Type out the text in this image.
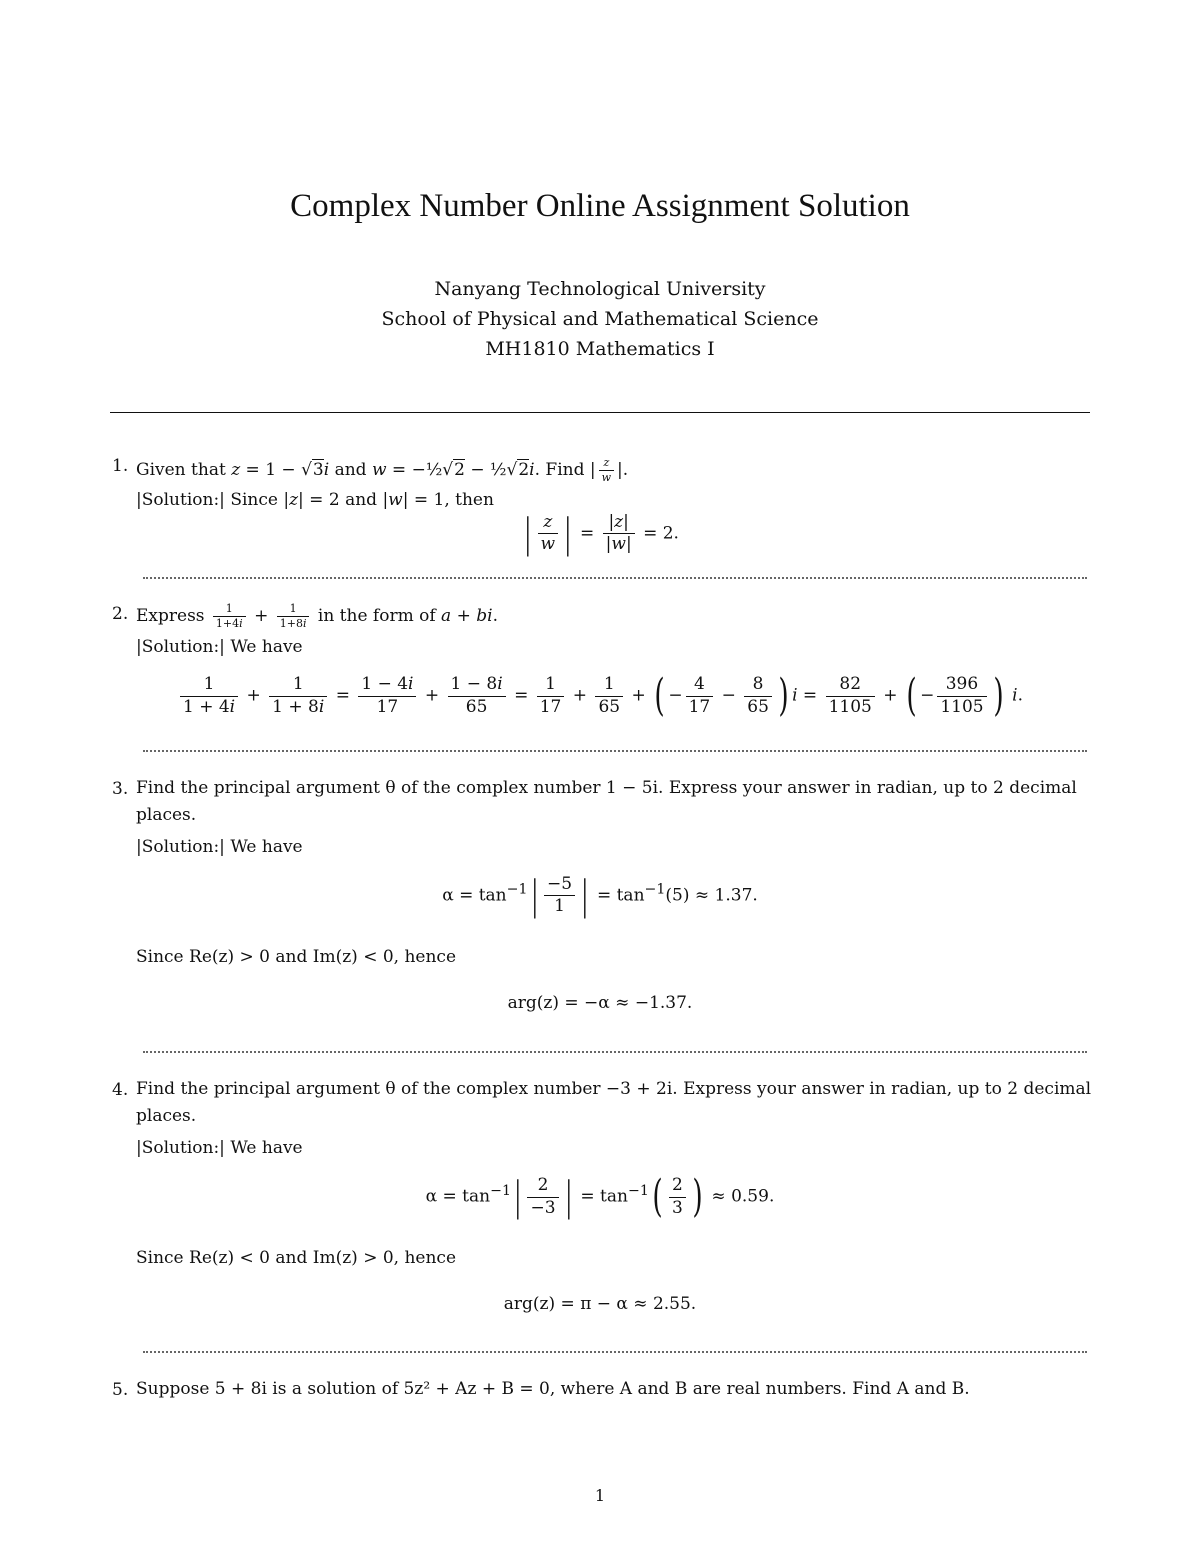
Complex Number Online Assignment Solution
Nanyang Technological University
School of Physical and Mathematical Science
MH1810 Mathematics I
1. Given that z = 1 − √3i and w = −½√2 − ½√2i. Find | $\frac{z}{w}$ |.
|Solution:| Since |z| = 2 and |w| = 1, then
| $\frac{z}{w}$ | = $\frac{|z|}{|w|} = 2$.
2. Express $\frac{1}{1+4i} + \frac{1}{1+8i}$ in the form of a + bi.
|Solution:| We have
$\frac{1}{1 + 4i} + \frac{1}{1 + 8i} = \frac{1 - 4i}{17} + \frac{1 - 8i}{65} = \frac{1}{17} + \frac{1}{65}$ + ( − $\frac{4}{17} - \frac{8}{65}$ ) $i = \frac{82}{1105}$ + ( − $\frac{396}{1105}$ ) i.
3. Find the principal argument θ of the complex number 1 − 5i. Express your answer in radian, up to 2 decimal
places.
|Solution:| We have
$\alpha = \tan^{-1}| \frac{-5}{1}$ | = $\tan^{-1}(5) \approx 1.37$.
Since Re(z) > 0 and Im(z) < 0, hence
arg(z) = −α ≈ −1.37.
4. Find the principal argument θ of the complex number −3 + 2i. Express your answer in radian, up to 2 decimal
places.
|Solution:| We have
$\alpha = \tan^{-1}| \frac{2}{-3}$ | = $\tan^{-1}( \frac{2}{3}$ ) ≈ 0.59.
Since Re(z) < 0 and Im(z) > 0, hence
arg(z) = π − α ≈ 2.55.
5. Suppose 5 + 8i is a solution of 5z² + Az + B = 0, where A and B are real numbers. Find A and B.
1
